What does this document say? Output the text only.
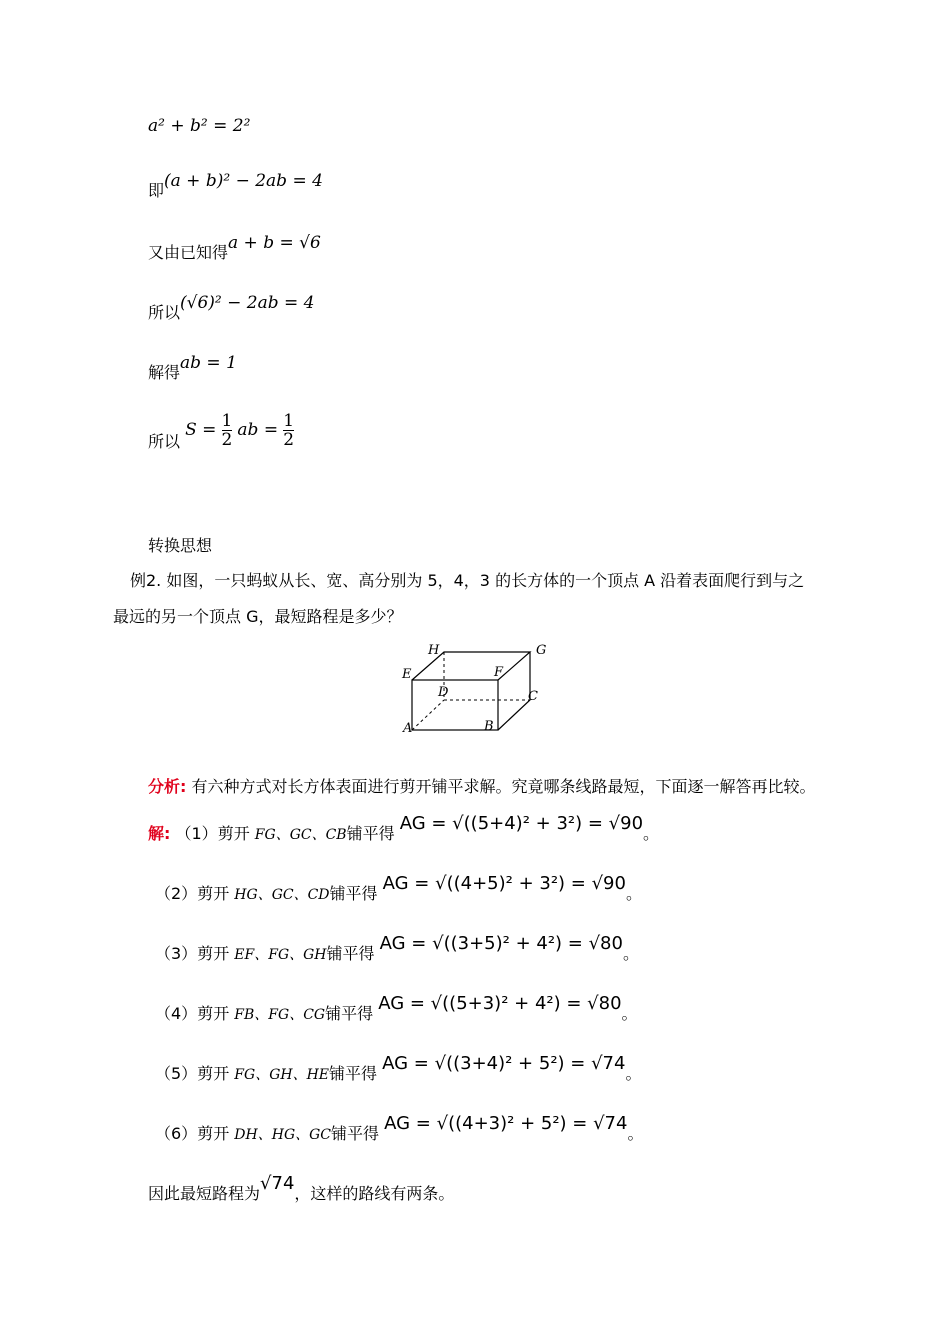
a² + b² = 2²
即(a + b)² − 2ab = 4
又由已知得a + b = √6
所以(√6)² − 2ab = 4
解得ab = 1
所以 $S = \frac{1}{2}$ ab = $\frac{1}{2}$
转换思想
例2. 如图，一只蚂蚁从长、宽、高分别为 5，4，3 的长方体的一个顶点 A 沿着表面爬行到与之
最远的另一个顶点 G，最短路程是多少？
H	G
E	F
D	C
A	B
分析: 有六种方式对长方体表面进行剪开铺平求解。究竟哪条线路最短，下面逐一解答再比较。
解: （1）剪开 FG、GC、CB铺平得 AG = √((5+4)² + 3²) = √90。
（2）剪开 HG、GC、CD铺平得 AG = √((4+5)² + 3²) = √90。
（3）剪开 EF、FG、GH铺平得 AG = √((3+5)² + 4²) = √80。
（4）剪开 FB、FG、CG铺平得 AG = √((5+3)² + 4²) = √80。
（5）剪开 FG、GH、HE铺平得 AG = √((3+4)² + 5²) = √74。
（6）剪开 DH、HG、GC铺平得 AG = √((4+3)² + 5²) = √74。
因此最短路程为√74，这样的路线有两条。
